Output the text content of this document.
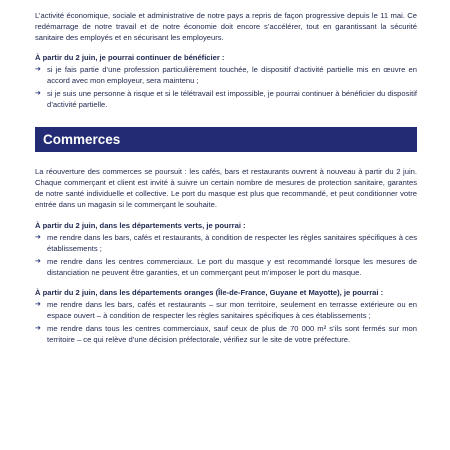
L’activité économique, sociale et administrative de notre pays a repris de façon progressive depuis le 11 mai. Ce redémarrage de notre travail et de notre économie doit encore s’accélérer, tout en garantissant la sécurité sanitaire des employés et en sécurisant les employeurs.

À partir du 2 juin, je pourrai continuer de bénéficier :

➔ si je fais partie d’une profession particulièrement touchée, le dispositif d’activité partielle mis en œuvre en accord avec mon employeur, sera maintenu ;
➔ si je suis une personne à risque et si le télétravail est impossible, je pourrai continuer à bénéficier du dispositif d’activité partielle.
Commerces

La réouverture des commerces se poursuit : les cafés, bars et restaurants ouvrent à nouveau à partir du 2 juin. Chaque commerçant et client est invité à suivre un certain nombre de mesures de protection sanitaire, garantes de notre santé individuelle et collective. Le port du masque est plus que recommandé, et peut conditionner votre entrée dans un magasin si le commerçant le souhaite.

À partir du 2 juin, dans les départements verts, je pourrai :

➔ me rendre dans les bars, cafés et restaurants, à condition de respecter les règles sanitaires spécifiques à ces établissements ;
➔ me rendre dans les centres commerciaux. Le port du masque y est recommandé lorsque les mesures de distanciation ne peuvent être garanties, et un commerçant peut m’imposer le port du masque.

À partir du 2 juin, dans les départements oranges (Île-de-France, Guyane et Mayotte), je pourrai :

➔ me rendre dans les bars, cafés et restaurants – sur mon territoire, seulement en terrasse extérieure ou en espace ouvert – à condition de respecter les règles sanitaires spécifiques à ces établissements ;
➔ me rendre dans tous les centres commerciaux, sauf ceux de plus de 70 000 m² s’ils sont fermés sur mon territoire – ce qui relève d’une décision préfectorale, vérifiez sur le site de votre préfecture.
